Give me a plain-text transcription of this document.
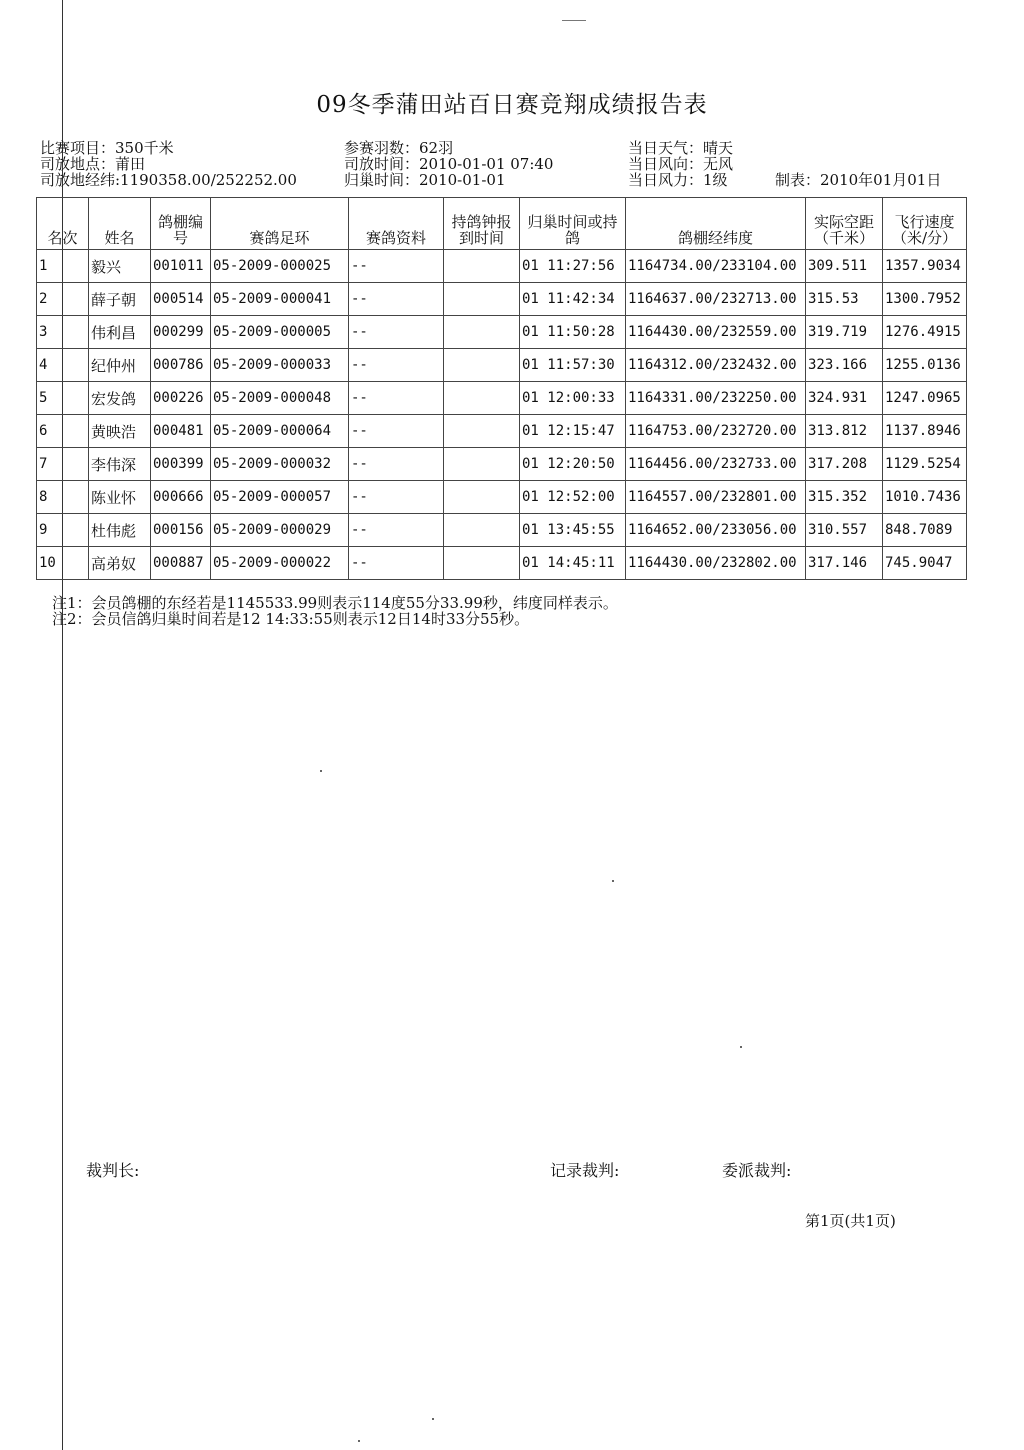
09冬季蒲田站百日赛竞翔成绩报告表
比赛项目：350千米
司放地点：莆田
司放地经纬:1190358.00/252252.00
参赛羽数：62羽
司放时间：2010-01-01 07:40
归巢时间：2010-01-01
当日天气：晴天
当日风向：无风
当日风力：1级	制表：2010年01月01日
名次	姓名	鸽棚编号	赛鸽足环	赛鸽资料	持鸽钟报到时间	归巢时间或持鸽	鸽棚经纬度	实际空距（千米）	飞行速度（米/分）
1	毅兴	001011	05-2009-000025	--		01 11:27:56	1164734.00/233104.00	309.511	1357.9034
2	薛子朝	000514	05-2009-000041	--		01 11:42:34	1164637.00/232713.00	315.53	1300.7952
3	伟利昌	000299	05-2009-000005	--		01 11:50:28	1164430.00/232559.00	319.719	1276.4915
4	纪仲州	000786	05-2009-000033	--		01 11:57:30	1164312.00/232432.00	323.166	1255.0136
5	宏发鸽	000226	05-2009-000048	--		01 12:00:33	1164331.00/232250.00	324.931	1247.0965
6	黄映浩	000481	05-2009-000064	--		01 12:15:47	1164753.00/232720.00	313.812	1137.8946
7	李伟深	000399	05-2009-000032	--		01 12:20:50	1164456.00/232733.00	317.208	1129.5254
8	陈业怀	000666	05-2009-000057	--		01 12:52:00	1164557.00/232801.00	315.352	1010.7436
9	杜伟彪	000156	05-2009-000029	--		01 13:45:55	1164652.00/233056.00	310.557	848.7089
10	高弟奴	000887	05-2009-000022	--		01 14:45:11	1164430.00/232802.00	317.146	745.9047
注1：会员鸽棚的东经若是1145533.99则表示114度55分33.99秒，纬度同样表示。
注2：会员信鸽归巢时间若是12 14:33:55则表示12日14时33分55秒。
裁判长:	记录裁判:	委派裁判:
第1页(共1页)
